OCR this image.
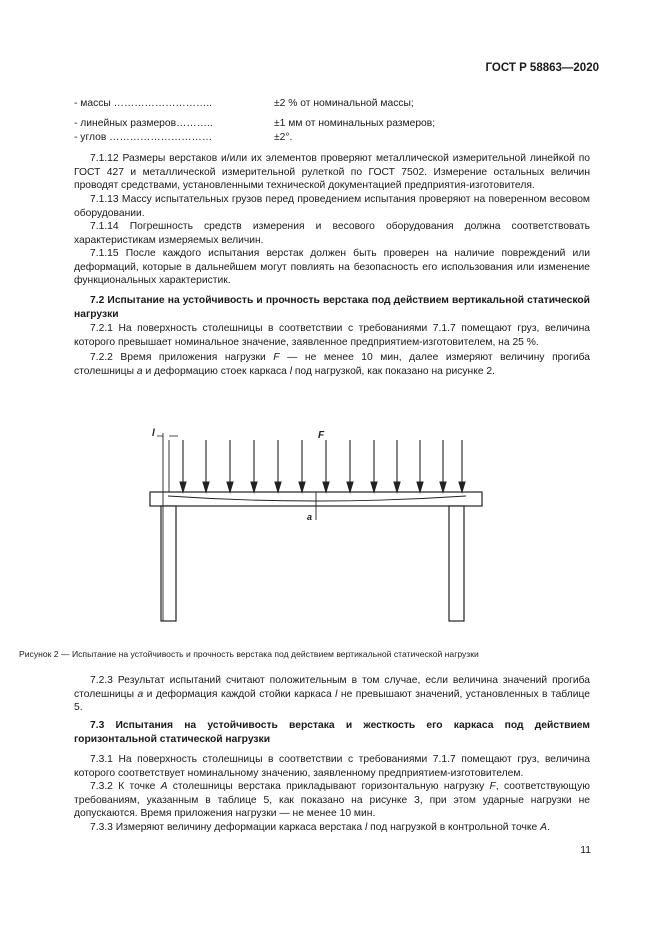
ГОСТ Р 58863—2020
- массы ………………………..	±2 % от номинальной массы;
- линейных размеров………..	±1 мм от номинальных размеров;
- углов …………………………	±2°.
7.1.12 Размеры верстаков и/или их элементов проверяют металлической измерительной линейкой по ГОСТ 427 и металлической измерительной рулеткой по ГОСТ 7502. Измерение остальных величин проводят средствами, установленными технической документацией предприятия-изготовителя.
7.1.13 Массу испытательных грузов перед проведением испытания проверяют на поверенном весовом оборудовании.
7.1.14 Погрешность средств измерения и весового оборудования должна соответствовать характеристикам измеряемых величин.
7.1.15 После каждого испытания верстак должен быть проверен на наличие повреждений или деформаций, которые в дальнейшем могут повлиять на безопасность его использования или изменение функциональных характеристик.
7.2 Испытание на устойчивость и прочность верстака под действием вертикальной статической нагрузки
7.2.1 На поверхность столешницы в соответствии с требованиями 7.1.7 помещают груз, величина которого превышает номинальное значение, заявленное предприятием-изготовителем, на 25 %.
7.2.2 Время приложения нагрузки F — не менее 10 мин, далее измеряют величину прогиба столешницы a и деформацию стоек каркаса l под нагрузкой, как показано на рисунке 2.
l	F
a
Рисунок 2 — Испытание на устойчивость и прочность верстака под действием вертикальной статической нагрузки
7.2.3 Результат испытаний считают положительным в том случае, если величина значений прогиба столешницы a и деформация каждой стойки каркаса l не превышают значений, установленных в таблице 5.
7.3 Испытания на устойчивость верстака и жесткость его каркаса под действием горизонтальной статической нагрузки
7.3.1 На поверхность столешницы в соответствии с требованиями 7.1.7 помещают груз, величина которого соответствует номинальному значению, заявленному предприятием-изготовителем.
7.3.2 К точке A столешницы верстака прикладывают горизонтальную нагрузку F, соответствующую требованиям, указанным в таблице 5, как показано на рисунке 3, при этом ударные нагрузки не допускаются. Время приложения нагрузки — не менее 10 мин.
7.3.3 Измеряют величину деформации каркаса верстака l под нагрузкой в контрольной точке A.
11
